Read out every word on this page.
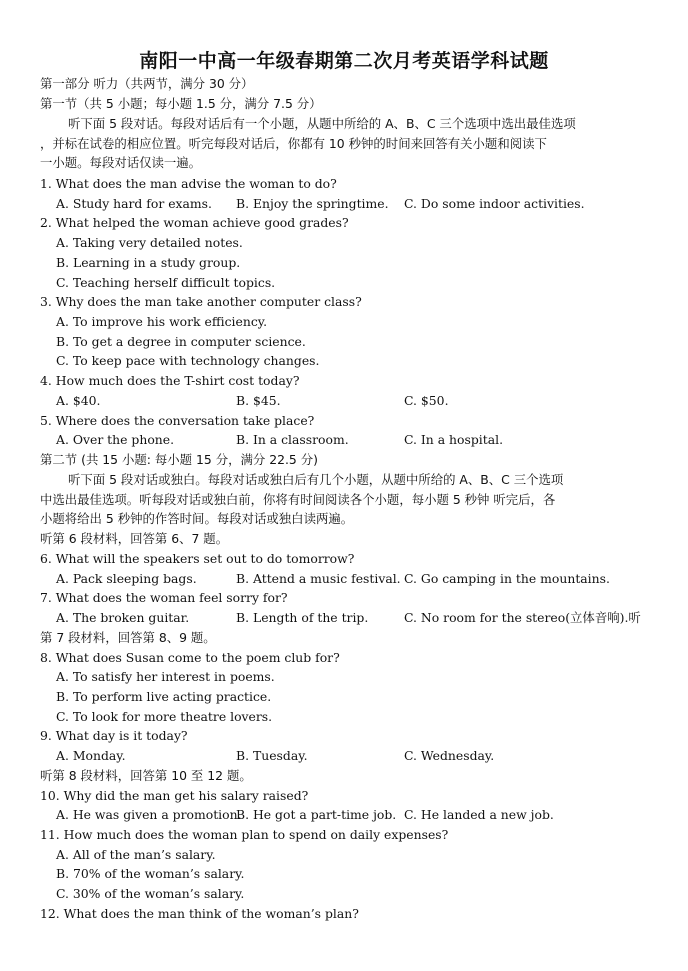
南阳一中高一年级春期第二次月考英语学科试题
第一部分 听力（共两节，满分 30 分）
第一节（共 5 小题；每小题 1.5 分，满分 7.5 分）
听下面 5 段对话。每段对话后有一个小题，从题中所给的 A、B、C 三个选项中选出最佳选项
，并标在试卷的相应位置。听完每段对话后，你都有 10 秒钟的时间来回答有关小题和阅读下
一小题。每段对话仅读一遍。
1. What does the man advise the woman to do?
A. Study hard for exams. B. Enjoy the springtime. C. Do some indoor activities.
2. What helped the woman achieve good grades?
A. Taking very detailed notes.
B. Learning in a study group.
C. Teaching herself difficult topics.
3. Why does the man take another computer class?
A. To improve his work efficiency.
B. To get a degree in computer science.
C. To keep pace with technology changes.
4. How much does the T-shirt cost today?
A. $40.	B. $45.	C. $50.
5. Where does the conversation take place?
A. Over the phone.	B. In a classroom.	C. In a hospital.
第二节 (共 15 小题: 每小题 15 分，满分 22.5 分)
听下面 5 段对话或独白。每段对话或独白后有几个小题，从题中所给的 A、B、C 三个选项
中选出最佳选项。听每段对话或独白前，你将有时间阅读各个小题，每小题 5 秒钟 听完后，各
小题将给出 5 秒钟的作答时间。每段对话或独白读两遍。
听第 6 段材料，回答第 6、7 题。
6. What will the speakers set out to do tomorrow?
A. Pack sleeping bags.	B. Attend a music festival. C. Go camping in the mountains.
7. What does the woman feel sorry for?
A. The broken guitar.	B. Length of the trip.	C. No room for the stereo(立体音响).听
第 7 段材料，回答第 8、9 题。
8. What does Susan come to the poem club for?
A. To satisfy her interest in poems.
B. To perform live acting practice.
C. To look for more theatre lovers.
9. What day is it today?
A. Monday.	B. Tuesday.	C. Wednesday.
听第 8 段材料，回答第 10 至 12 题。
10. Why did the man get his salary raised?
A. He was given a promotion.
B. He got a part-time job. C. He landed a new job.
11. How much does the woman plan to spend on daily expenses?
A. All of the man’s salary.
B. 70% of the woman’s salary.
C. 30% of the woman’s salary.
12. What does the man think of the woman’s plan?
